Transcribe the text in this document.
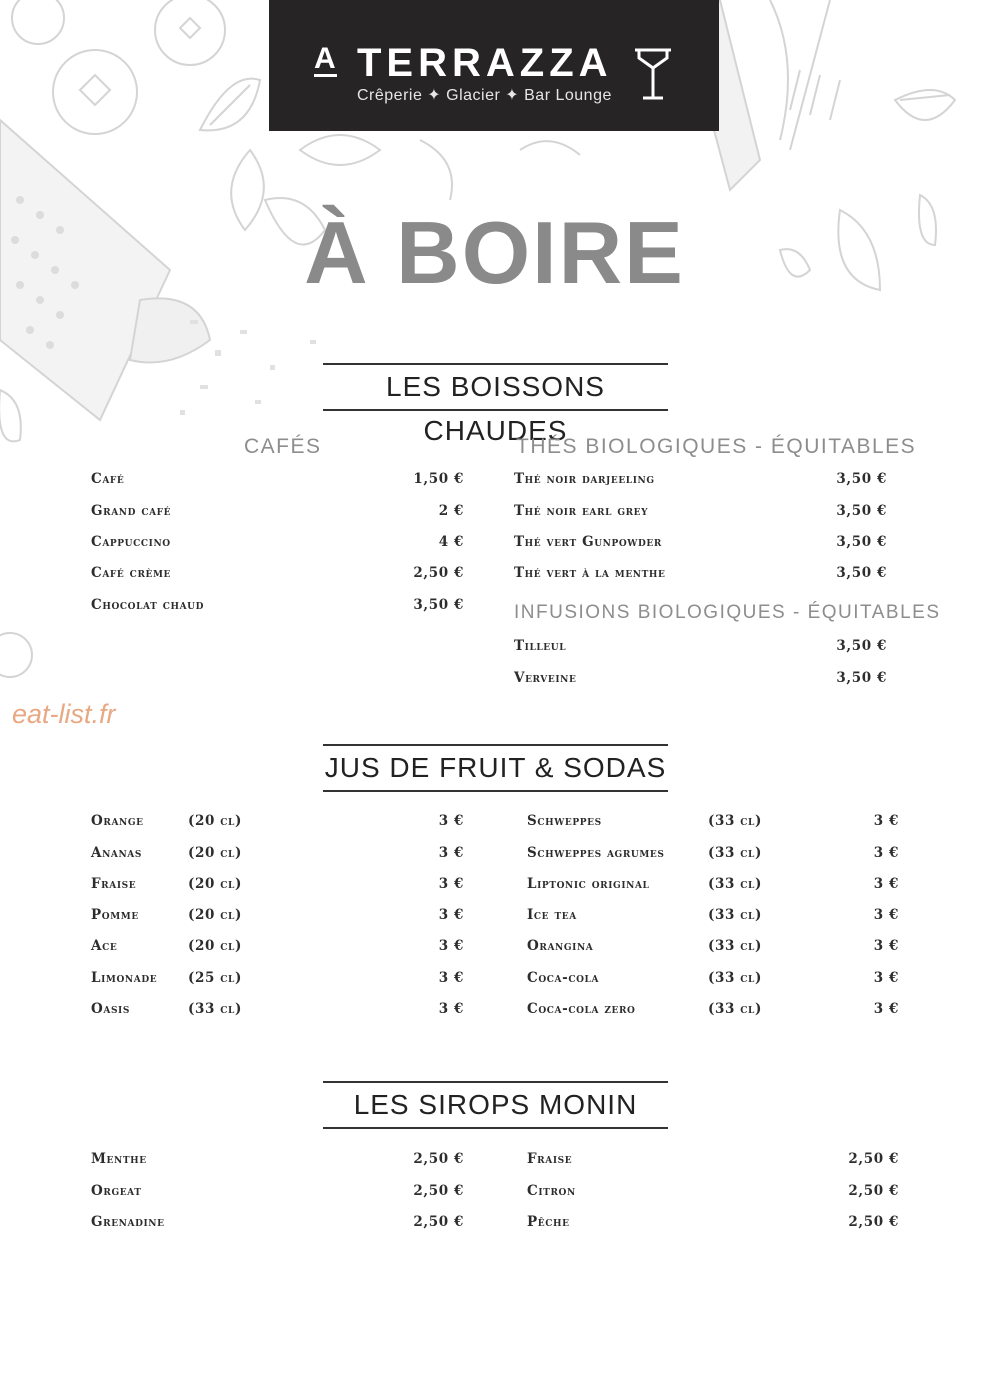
A TERRAZZA
Crêperie ✦ Glacier ✦ Bar Lounge
À BOIRE
LES BOISSONS CHAUDES
CAFÉS	THÉS BIOLOGIQUES - ÉQUITABLES
Café	1,50 €
Grand café	2 €
Cappuccino	4 €
Café crème	2,50 €
Chocolat chaud	3,50 €
Thé noir darjeeling	3,50 €
Thé noir earl grey	3,50 €
Thé vert Gunpowder	3,50 €
Thé vert à la menthe	3,50 €
INFUSIONS BIOLOGIQUES - ÉQUITABLES
Tilleul	3,50 €
Verveine	3,50 €
eat-list.fr
JUS DE FRUIT & SODAS
Orange	(20 cl)	3 €
Ananas	(20 cl)	3 €
Fraise	(20 cl)	3 €
Pomme	(20 cl)	3 €
Ace	(20 cl)	3 €
Limonade (25 cl)	3 €
Oasis	(33 cl)	3 €
Schweppes	(33 cl)	3 €
Schweppes agrumes	(33 cl)	3 €
Liptonic original	(33 cl)	3 €
Ice tea	(33 cl)	3 €
Orangina	(33 cl)	3 €
Coca-cola	(33 cl)	3 €
Coca-cola zero	(33 cl)	3 €
LES SIROPS MONIN
Menthe	2,50 €
Orgeat	2,50 €
Grenadine	2,50 €
Fraise	2,50 €
Citron	2,50 €
Pêche	2,50 €
